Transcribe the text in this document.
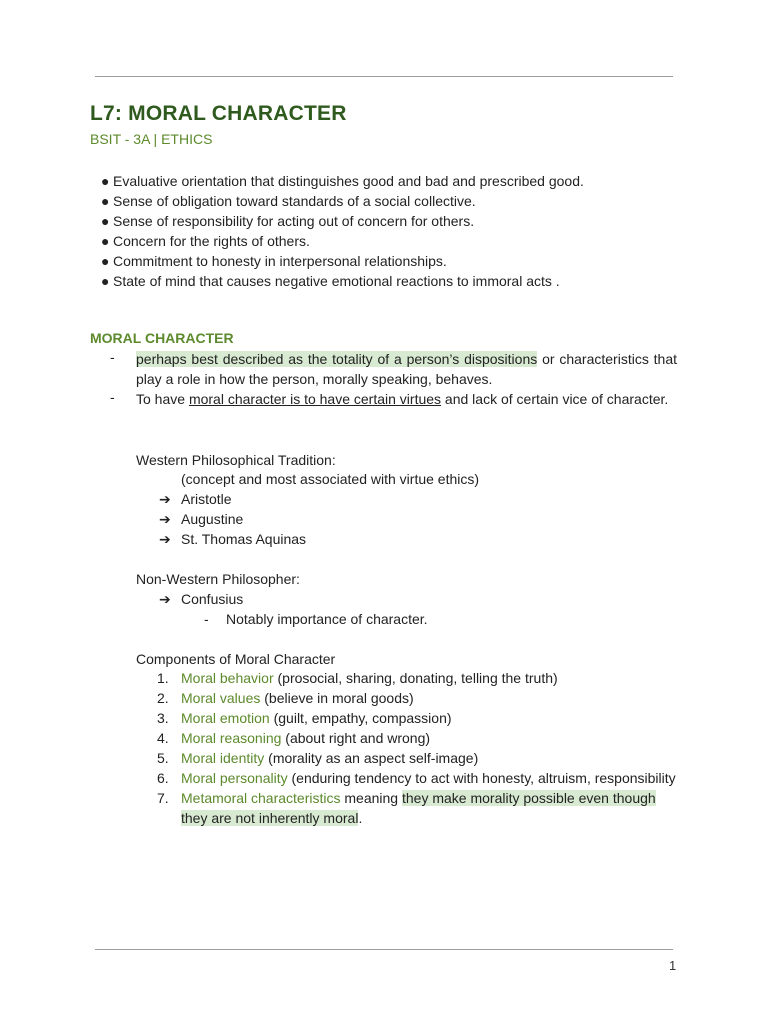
L7: MORAL CHARACTER
BSIT - 3A | ETHICS
● Evaluative orientation that distinguishes good and bad and prescribed good.
● Sense of obligation toward standards of a social collective.
● Sense of responsibility for acting out of concern for others.
● Concern for the rights of others.
● Commitment to honesty in interpersonal relationships.
● State of mind that causes negative emotional reactions to immoral acts .
MORAL CHARACTER
- perhaps best described as the totality of a person’s dispositions or characteristics that play a role in how the person, morally speaking, behaves.
- To have moral character is to have certain virtues and lack of certain vice of character.
Western Philosophical Tradition:
(concept and most associated with virtue ethics)
➔ Aristotle
➔ Augustine
➔ St. Thomas Aquinas
Non-Western Philosopher:
➔ Confusius
- Notably importance of character.
Components of Moral Character
1. Moral behavior (prosocial, sharing, donating, telling the truth)
2. Moral values (believe in moral goods)
3. Moral emotion (guilt, empathy, compassion)
4. Moral reasoning (about right and wrong)
5. Moral identity (morality as an aspect self-image)
6. Moral personality (enduring tendency to act with honesty, altruism, responsibility
7. Metamoral characteristics meaning they make morality possible even though they are not inherently moral.
1
